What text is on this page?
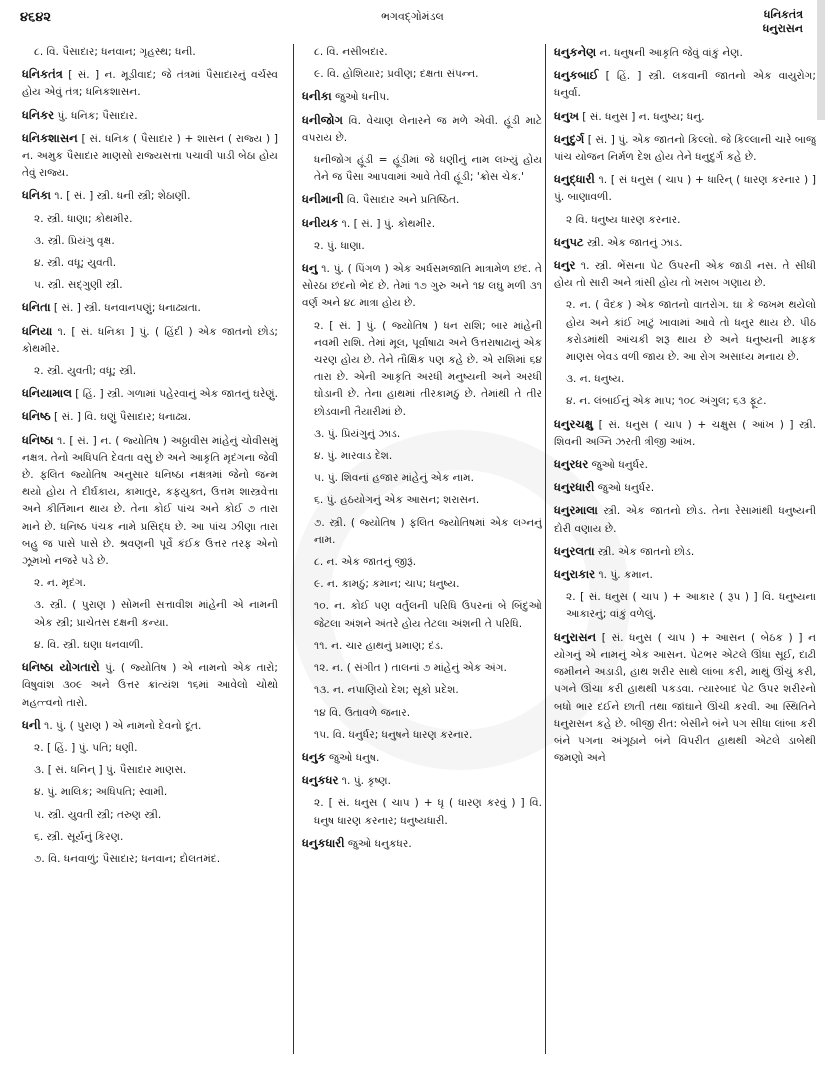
૪૬૪૨	ભગવદ્ગોમંડલ	ધનિકતંત્ર
ધનુરાસન
૮. વિ. પૈસાદાર; ધનવાન; ગૃહસ્થ; ધની.
ધનિકતંત્ર [ સં. ] ન. મૂડીવાદ; જે તંત્રમાં પૈસાદારનું વર્ચસ્વ હોય એવું તંત્ર; ધનિકશાસન.
ધનિકર પું. ધનિક; પૈસાદાર.
ધનિકશાસન [ સં. ધનિક ( પૈસાદાર ) + શાસન ( રાજ્ય ) ] ન. અમુક પૈસાદાર માણસો રાજ્યસત્તા પચાવી પાડી બેઠા હોય તેવું રાજ્ય.
ધનિકા ૧. [ સં. ] સ્ત્રી. ધની સ્ત્રી; શેઠાણી.
૨. સ્ત્રી. ધાણા; કોથમીર.
૩. સ્ત્રી. પ્રિયંગુ વૃક્ષ.
૪. સ્ત્રી. વધૂ; યુવતી.
૫. સ્ત્રી. સદ્ગુણી સ્ત્રી.
ધનિતા [ સં. ] સ્ત્રી. ધનવાનપણું; ધનાઢ્યતા.
ધનિયા ૧. [ સં. ધનિકા ] પું. ( હિંદી ) એક જાતનો છોડ; કોથમીર.
૨. સ્ત્રી. યુવતી; વધૂ; સ્ત્રી.
ધનિયામાલ [ હિં. ] સ્ત્રી. ગળામાં પહેરવાનું એક જાતનું ઘરેણું.
ધનિષ્ઠ [ સં. ] વિ. ઘણું પૈસાદાર; ધનાઢ્ય.
ધનિષ્ઠા ૧. [ સં. ] ન. ( જ્યોતિષ ) અઠ્ઠાવીસ માંહેનું ચોવીસમું નક્ષત્ર. તેનો અધિપતિ દેવતા વસુ છે અને આકૃતિ મૃદંગના જેવી છે. ફલિત જ્યોતિષ અનુસાર ધનિષ્ઠા નક્ષત્રમાં જેનો જન્મ થયો હોય તે દીર્ઘકાય, કામાતુર, કફયુક્ત, ઉત્તમ શાસ્ત્રવેત્તા અને કીર્તિમાન થાય છે. તેના કોઈ પાંચ અને કોઈ ૭ તારા માને છે. ધનિષ્ઠ પંચક નામે પ્રસિદ્ધ છે. આ પાંચ ઝીણા તારા બહુ જ પાસે પાસે છે. શ્રવણની પૂર્વે કંઈક ઉત્તર તરફ એનો ઝૂમખો નજરે પડે છે.
૨. ન. મૃદંગ.
૩. સ્ત્રી. ( પુરાણ ) સોમની સત્તાવીશ માંહેની એ નામની એક સ્ત્રી; પ્રાચેતસ દક્ષની કન્યા.
૪. વિ. સ્ત્રી. ઘણા ધનવાળી.
ધનિષ્ઠા યોગતારો પું. ( જ્યોતિષ ) એ નામનો એક તારો; વિષુવાંશ ૩૦૯ અને ઉત્તર ક્રાંત્યંશ ૧૬માં આવેલો ચોથો મહત્ત્વનો તારો.
ધની ૧. પું. ( પુરાણ ) એ નામનો દેવનો દૂત.
૨. [ હિં. ] પું. પતિ; ધણી.
૩. [ સં. ધનિન્ ] પું. પૈસાદાર માણસ.
૪. પું. માલિક; અધિપતિ; સ્વામી.
૫. સ્ત્રી. યુવતી સ્ત્રી; તરુણ સ્ત્રી.
૬. સ્ત્રી. સૂર્યનું કિરણ.
૭. વિ. ધનવાળું; પૈસાદાર; ધનવાન; દોલતમંદ.
૮. વિ. નસીબદાર.
૯. વિ. હોશિયાર; પ્રવીણ; દક્ષતા સંપન્ન.
ધનીકા જુઓ ધનીપ.
ધનીજોગ વિ. વેચાણ લેનારને જ મળે એવી. હૂંડી માટે વપરાય છે.
ધનીજોગ હૂંડી = હૂંડીમાં જે ધણીનું નામ લખ્યું હોય તેને જ પૈસા આપવામાં આવે તેવી હૂંડી; 'ક્રોસ ચેક.'
ધનીમાની વિ. પૈસાદાર અને પ્રતિષ્ઠિત.
ધનીયક ૧. [ સં. ] પું. કોથમીર.
૨. પું. ધાણા.
ધનુ ૧. પું. ( પિંગળ ) એક અર્ધસમજાતિ માત્રામેળ છંદ. તે સોરઠા છંદનો ભેદ છે. તેમાં ૧૭ ગુરુ અને ૧૪ લઘુ મળી ૩૧ વર્ણ અને ૪૮ માત્રા હોય છે.
૨. [ સં. ] પું. ( જ્યોતિષ ) ધન રાશિ; બાર માંહેની નવમી રાશિ. તેમાં મૂલ, પૂર્વાષાઢા અને ઉત્તરાષાઢાનું એક ચરણ હોય છે. તેને તૌક્ષિક પણ કહે છે. એ રાશિમાં ૬૪ તારા છે. એની આકૃતિ અરધી મનુષ્યની અને અરધી ઘોડાની છે. તેના હાથમાં તીરકામઠું છે. તેમાંથી તે તીર છોડવાની તૈયારીમાં છે.
૩. પું. પ્રિયંગુનું ઝાડ.
૪. પું. મારવાડ દેશ.
૫. પું. શિવનાં હજાર માંહેનું એક નામ.
૬. પું. હઠયોગનું એક આસન; શરાસન.
૭. સ્ત્રી. ( જ્યોતિષ ) ફલિત જ્યોતિષમાં એક લગ્નનું નામ.
૮. ન. એક જાતનું જીરૂં.
૯. ન. કામઠું; કમાન; ચાપ; ધનુષ્ય.
૧૦. ન. કોઈ પણ વર્તુલની પરિધિ ઉપરનાં બે બિંદુઓ જેટલા અંશને અંતરે હોય તેટલા અંશની તે પરિધિ.
૧૧. ન. ચાર હાથનું પ્રમાણ; દંડ.
૧૨. ન. ( સંગીત ) તાલનાં ૭ માંહેનું એક અંગ.
૧૩. ન. નપાણિયો દેશ; સૂકો પ્રદેશ.
૧૪ વિ. ઉતાવળે જનાર.
૧૫. વિ. ધનુર્ધર; ધનુષને ધારણ કરનાર.
ધનુક જુઓ ધનુષ.
ધનુકધર ૧. પું. કૃષ્ણ.
૨. [ સં. ધનુસ ( ચાપ ) + ધૃ ( ધારણ કરવું ) ] વિ. ધનુષ ધારણ કરનાર; ધનુષ્યધારી.
ધનુકધારી જુઓ ધનુકધર.
ધનુકનેણ ન. ધનુષની આકૃતિ જેવું વાંકું નેણ.
ધનુકબાઈ [ હિં. ] સ્ત્રી. લકવાની જાતનો એક વાયુરોગ; ધનુર્વા.
ધનુખ [ સં. ધનુસ ] ન. ધનુષ્ય; ધનુ.
ધનુદુર્ગ [ સં. ] પું. એક જાતનો કિલ્લો. જે કિલ્લાની ચારે બાજુ પાંચ યોજન નિર્મળ દેશ હોય તેને ધનુદુર્ગ કહે છે.
ધનુદ્ધારી ૧. [ સં ધનુસ ( ચાપ ) + ધારિન્ ( ધારણ કરનાર ) ] પું. બાણાવળી.
૨ વિ. ધનુષ્ય ધારણ કરનાર.
ધનુપટ સ્ત્રી. એક જાતનું ઝાડ.
ધનુર ૧. સ્ત્રી. ભેંસના પેટ ઉપરની એક જાડી નસ. તે સીધી હોય તો સારી અને ત્રાંસી હોય તો ખરાબ ગણાય છે.
૨. ન. ( વૈદક ) એક જાતનો વાતરોગ. ઘા કે જખમ થયેલો હોય અને કાંઈ ખાટું ખાવામાં આવે તો ધનુર થાય છે. પીઠ કરોડમાંથી આંચકી શરૂ થાય છે અને ધનુષ્યની માફક માણસ બેવડ વળી જાય છે. આ રોગ અસાધ્ય મનાય છે.
૩. ન. ધનુષ્ય.
૪. ન. લંબાઈનું એક માપ; ૧૦૮ અંગુલ; ૬૩ ફૂટ.
ધનુરચક્ષુ [ સં. ધનુસ ( ચાપ ) + ચક્ષુસ ( આંખ ) ] સ્ત્રી. શિવની અગ્નિ ઝરતી ત્રીજી આંખ.
ધનુરધર જુઓ ધનુર્ધર.
ધનુરધારી જુઓ ધનુર્ધર.
ધનુરમાલા સ્ત્રી. એક જાતનો છોડ. તેના રેસામાંથી ધનુષ્યની દોરી વણાય છે.
ધનુરલતા સ્ત્રી. એક જાતનો છોડ.
ધનુરાકાર ૧. પું. કમાન.
૨. [ સં. ધનુસ ( ચાપ ) + આકાર ( રૂપ ) ] વિ. ધનુષ્યના આકારનું; વાંકું વળેલું.
ધનુરાસન [ સં. ધનુસ ( ચાપ ) + આસન ( બેઠક ) ] ન યોગનું એ નામનું એક આસન. પેટભર એટલે ઊંધા સૂઈ, દાઢી જમીનને અડાડી, હાથ શરીર સાથે લાંબા કરી, માથું ઊંચું કરી, પગને ઊંચા કરી હાથથી પકડવા. ત્યારબાદ પેટ ઉપર શરીરનો બધો ભાર દઈને છાતી તથા જાંઘાને ઊંચી કરવી. આ સ્થિતિને ધનુરાસન કહે છે. બીજી રીત: બેસીને બંને પગ સીધા લાંબા કરી બંને પગના અંગૂઠાને બંને વિપરીત હાથથી એટલે ડાબેથી જમણો અને
